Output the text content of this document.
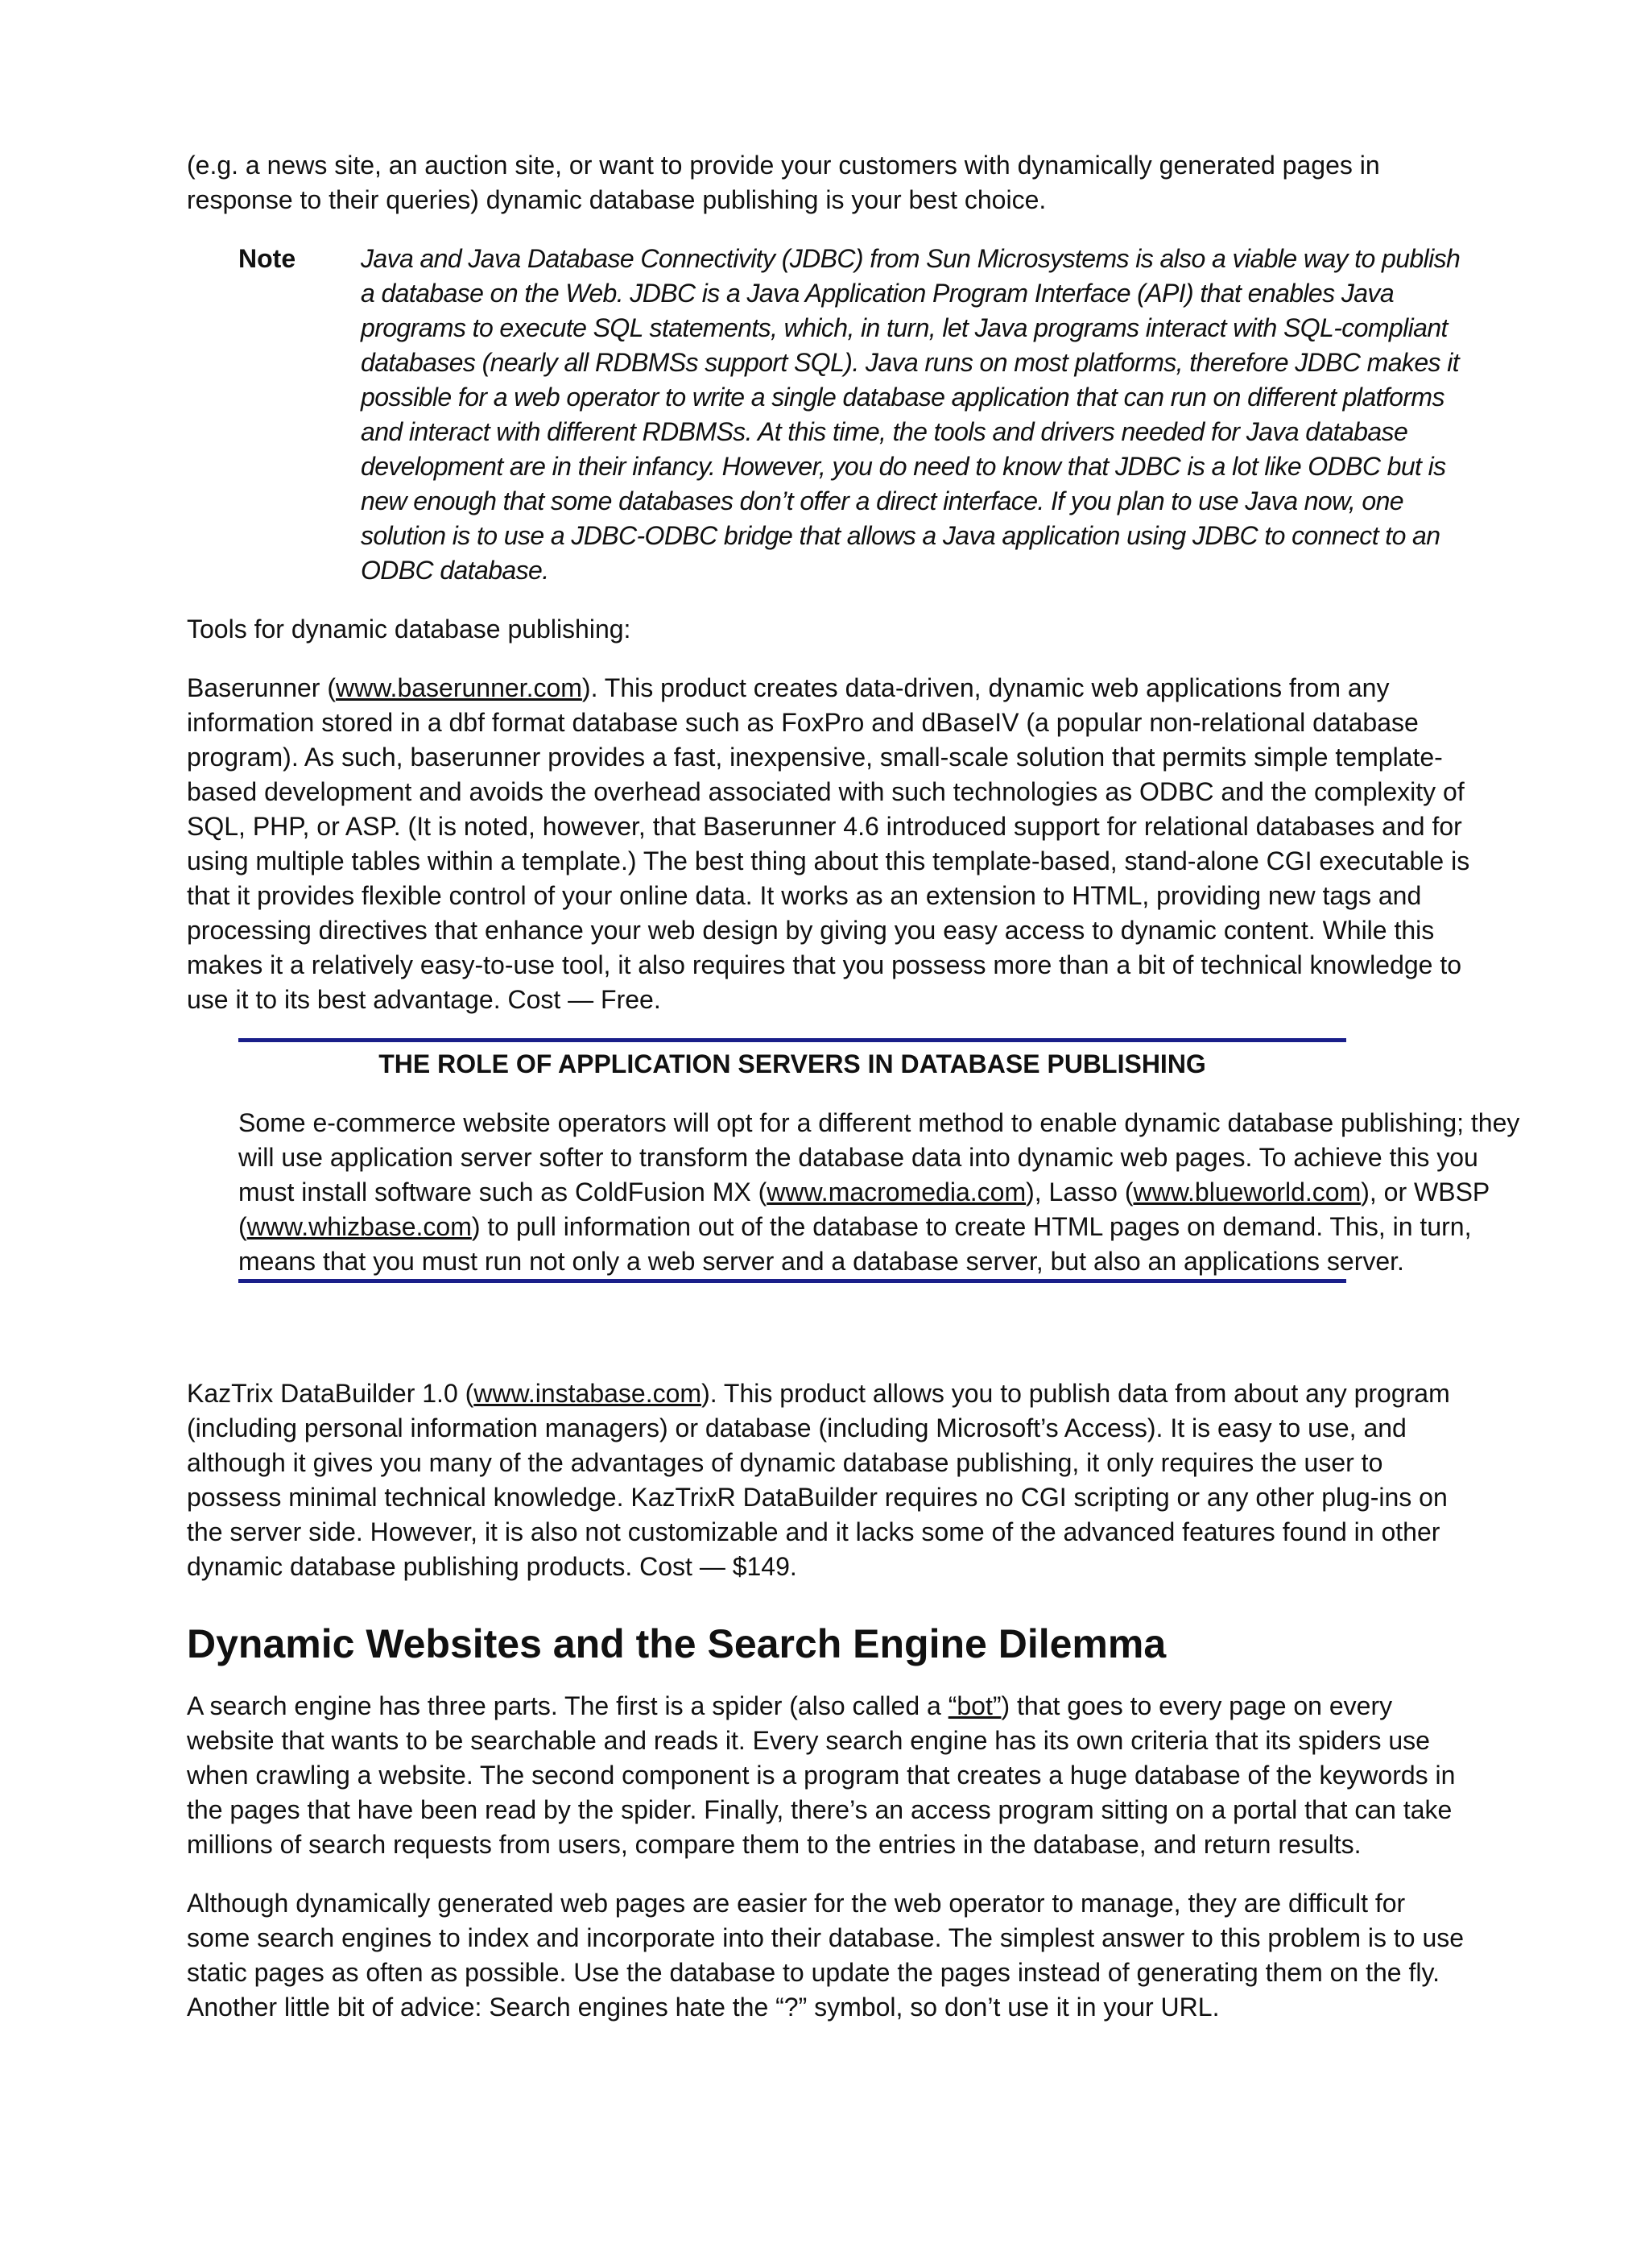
(e.g. a news site, an auction site, or want to provide your customers with dynamically generated pages in response to their queries) dynamic database publishing is your best choice.

Note	Java and Java Database Connectivity (JDBC) from Sun Microsystems is also a viable way to publish a database on the Web. JDBC is a Java Application Program Interface (API) that enables Java programs to execute SQL statements, which, in turn, let Java programs interact with SQL-compliant databases (nearly all RDBMSs support SQL). Java runs on most platforms, therefore JDBC makes it possible for a web operator to write a single database application that can run on different platforms and interact with different RDBMSs. At this time, the tools and drivers needed for Java database development are in their infancy. However, you do need to know that JDBC is a lot like ODBC but is new enough that some databases don’t offer a direct interface. If you plan to use Java now, one solution is to use a JDBC-ODBC bridge that allows a Java application using JDBC to connect to an ODBC database.

Tools for dynamic database publishing:

Baserunner (www.baserunner.com). This product creates data-driven, dynamic web applications from any information stored in a dbf format database such as FoxPro and dBaseIV (a popular non-relational database program). As such, baserunner provides a fast, inexpensive, small-scale solution that permits simple template-based development and avoids the overhead associated with such technologies as ODBC and the complexity of SQL, PHP, or ASP. (It is noted, however, that Baserunner 4.6 introduced support for relational databases and for using multiple tables within a template.) The best thing about this template-based, stand-alone CGI executable is that it provides flexible control of your online data. It works as an extension to HTML, providing new tags and processing directives that enhance your web design by giving you easy access to dynamic content. While this makes it a relatively easy-to-use tool, it also requires that you possess more than a bit of technical knowledge to use it to its best advantage. Cost — Free.

THE ROLE OF APPLICATION SERVERS IN DATABASE PUBLISHING

Some e-commerce website operators will opt for a different method to enable dynamic database publishing; they will use application server softer to transform the database data into dynamic web pages. To achieve this you must install software such as ColdFusion MX (www.macromedia.com), Lasso (www.blueworld.com), or WBSP (www.whizbase.com) to pull information out of the database to create HTML pages on demand. This, in turn, means that you must run not only a web server and a database server, but also an applications server.

KazTrix DataBuilder 1.0 (www.instabase.com). This product allows you to publish data from about any program (including personal information managers) or database (including Microsoft’s Access). It is easy to use, and although it gives you many of the advantages of dynamic database publishing, it only requires the user to possess minimal technical knowledge. KazTrixR DataBuilder requires no CGI scripting or any other plug-ins on the server side. However, it is also not customizable and it lacks some of the advanced features found in other dynamic database publishing products. Cost — $149.

Dynamic Websites and the Search Engine Dilemma

A search engine has three parts. The first is a spider (also called a “bot”) that goes to every page on every website that wants to be searchable and reads it. Every search engine has its own criteria that its spiders use when crawling a website. The second component is a program that creates a huge database of the keywords in the pages that have been read by the spider. Finally, there’s an access program sitting on a portal that can take millions of search requests from users, compare them to the entries in the database, and return results.

Although dynamically generated web pages are easier for the web operator to manage, they are difficult for some search engines to index and incorporate into their database. The simplest answer to this problem is to use static pages as often as possible. Use the database to update the pages instead of generating them on the fly. Another little bit of advice: Search engines hate the “?” symbol, so don’t use it in your URL.
